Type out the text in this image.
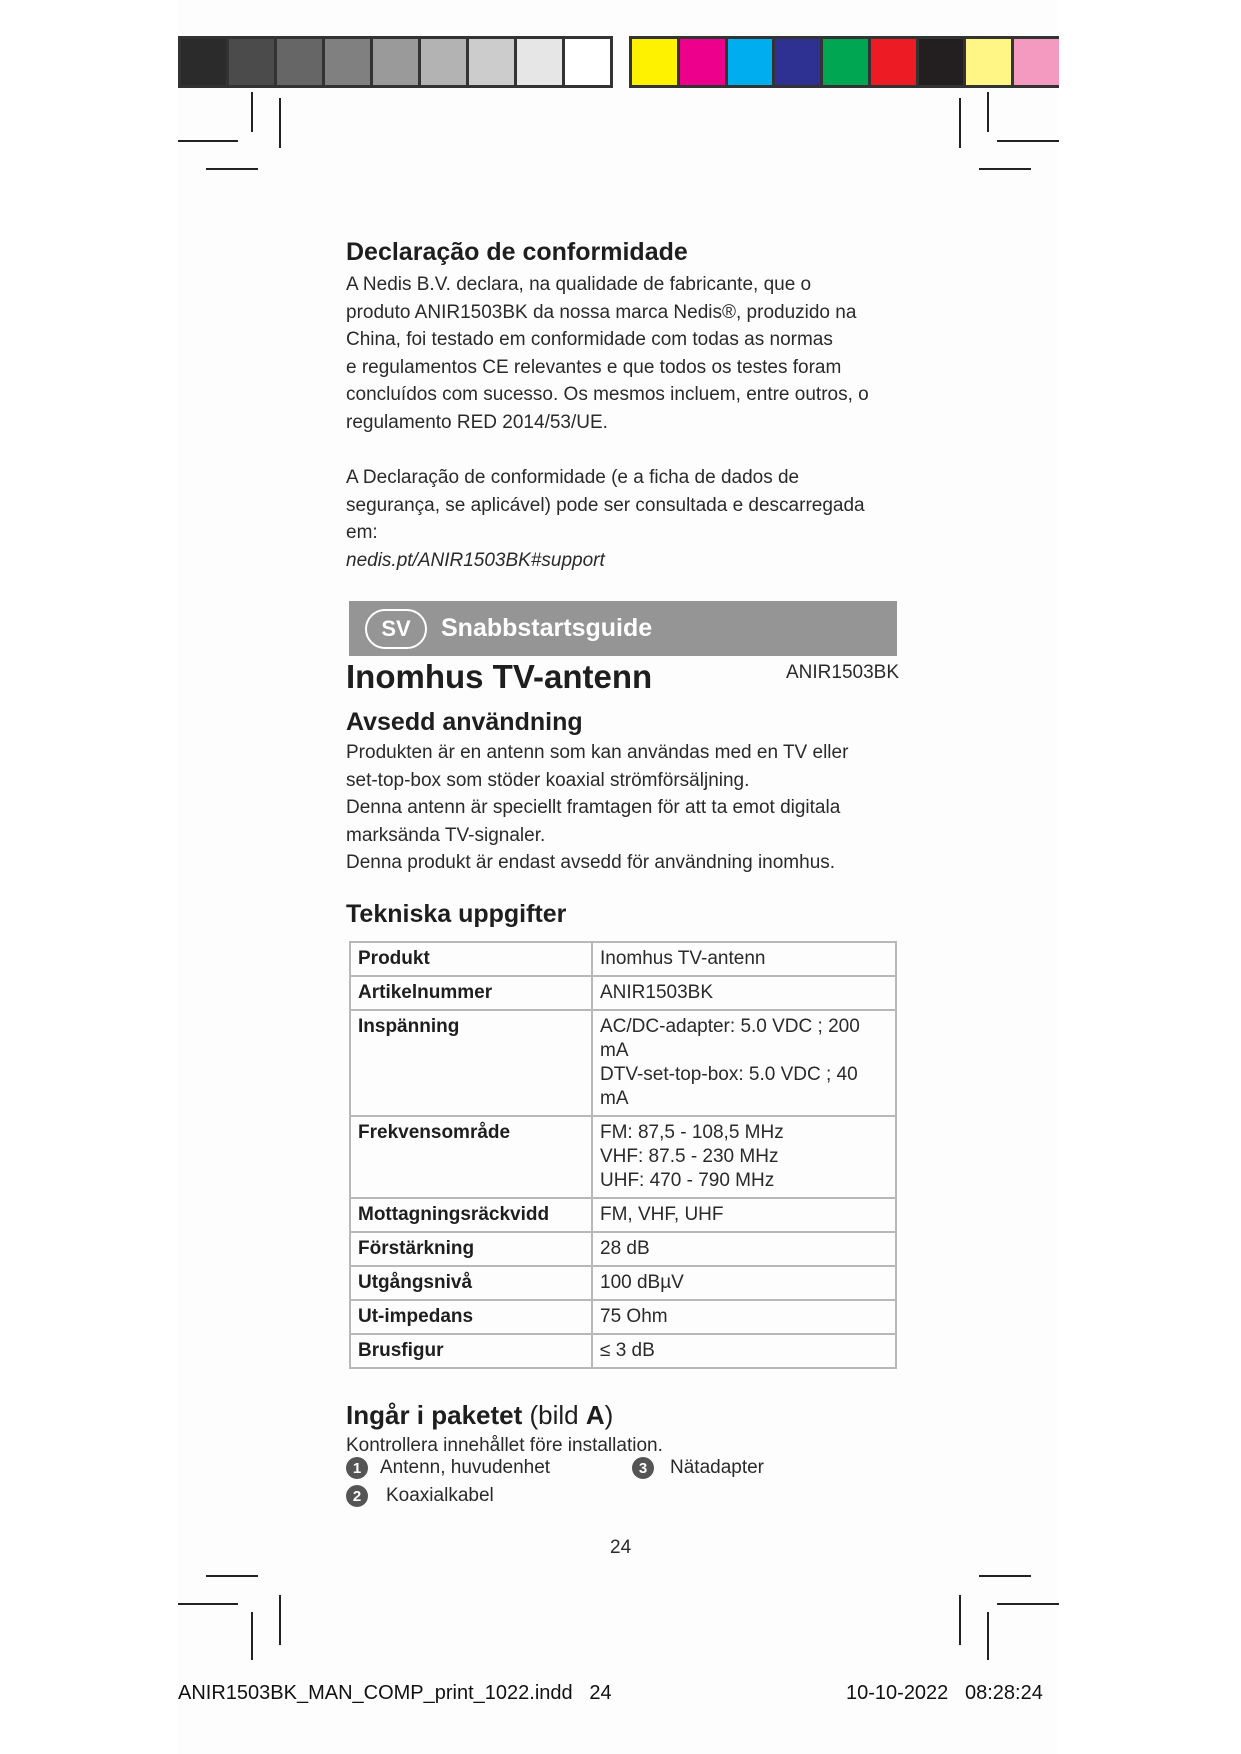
Declaração de conformidade

A Nedis B.V. declara, na qualidade de fabricante, que o

produto ANIR1503BK da nossa marca Nedis®, produzido na

China, foi testado em conformidade com todas as normas

e regulamentos CE relevantes e que todos os testes foram

concluídos com sucesso. Os mesmos incluem, entre outros, o

regulamento RED 2014/53/UE.

A Declaração de conformidade (e a ficha de dados de

segurança, se aplicável) pode ser consultada e descarregada

em:

nedis.pt/ANIR1503BK#support

SV	Snabbstartsguide
Inomhus TV-antenn	ANIR1503BK
Avsedd användning

Produkten är en antenn som kan användas med en TV eller

set-top-box som stöder koaxial strömförsäljning.

Denna antenn är speciellt framtagen för att ta emot digitala

marksända TV-signaler.

Denna produkt är endast avsedd för användning inomhus.

Tekniska uppgifter
Produkt	Inomhus TV-antenn
Artikelnummer	ANIR1503BK
Inspänning	AC/DC-adapter: 5.0 VDC ; 200 mA
DTV-set-top-box: 5.0 VDC ; 40 mA
Frekvensområde	FM: 87,5 - 108,5 MHz
VHF: 87.5 - 230 MHz
UHF: 470 - 790 MHz
Mottagningsräckvidd	FM, VHF, UHF
Förstärkning	28 dB
Utgångsnivå	100 dBµV
Ut-impedans	75 Ohm
Brusfigur	≤ 3 dB
Ingår i paketet (bild A)

Kontrollera innehållet före installation.

1 Antenn, huvudenhet
2	Koaxialkabel
3	Nätadapter
24
ANIR1503BK_MAN_COMP_print_1022.indd 24	10-10-2022 08:28:24
